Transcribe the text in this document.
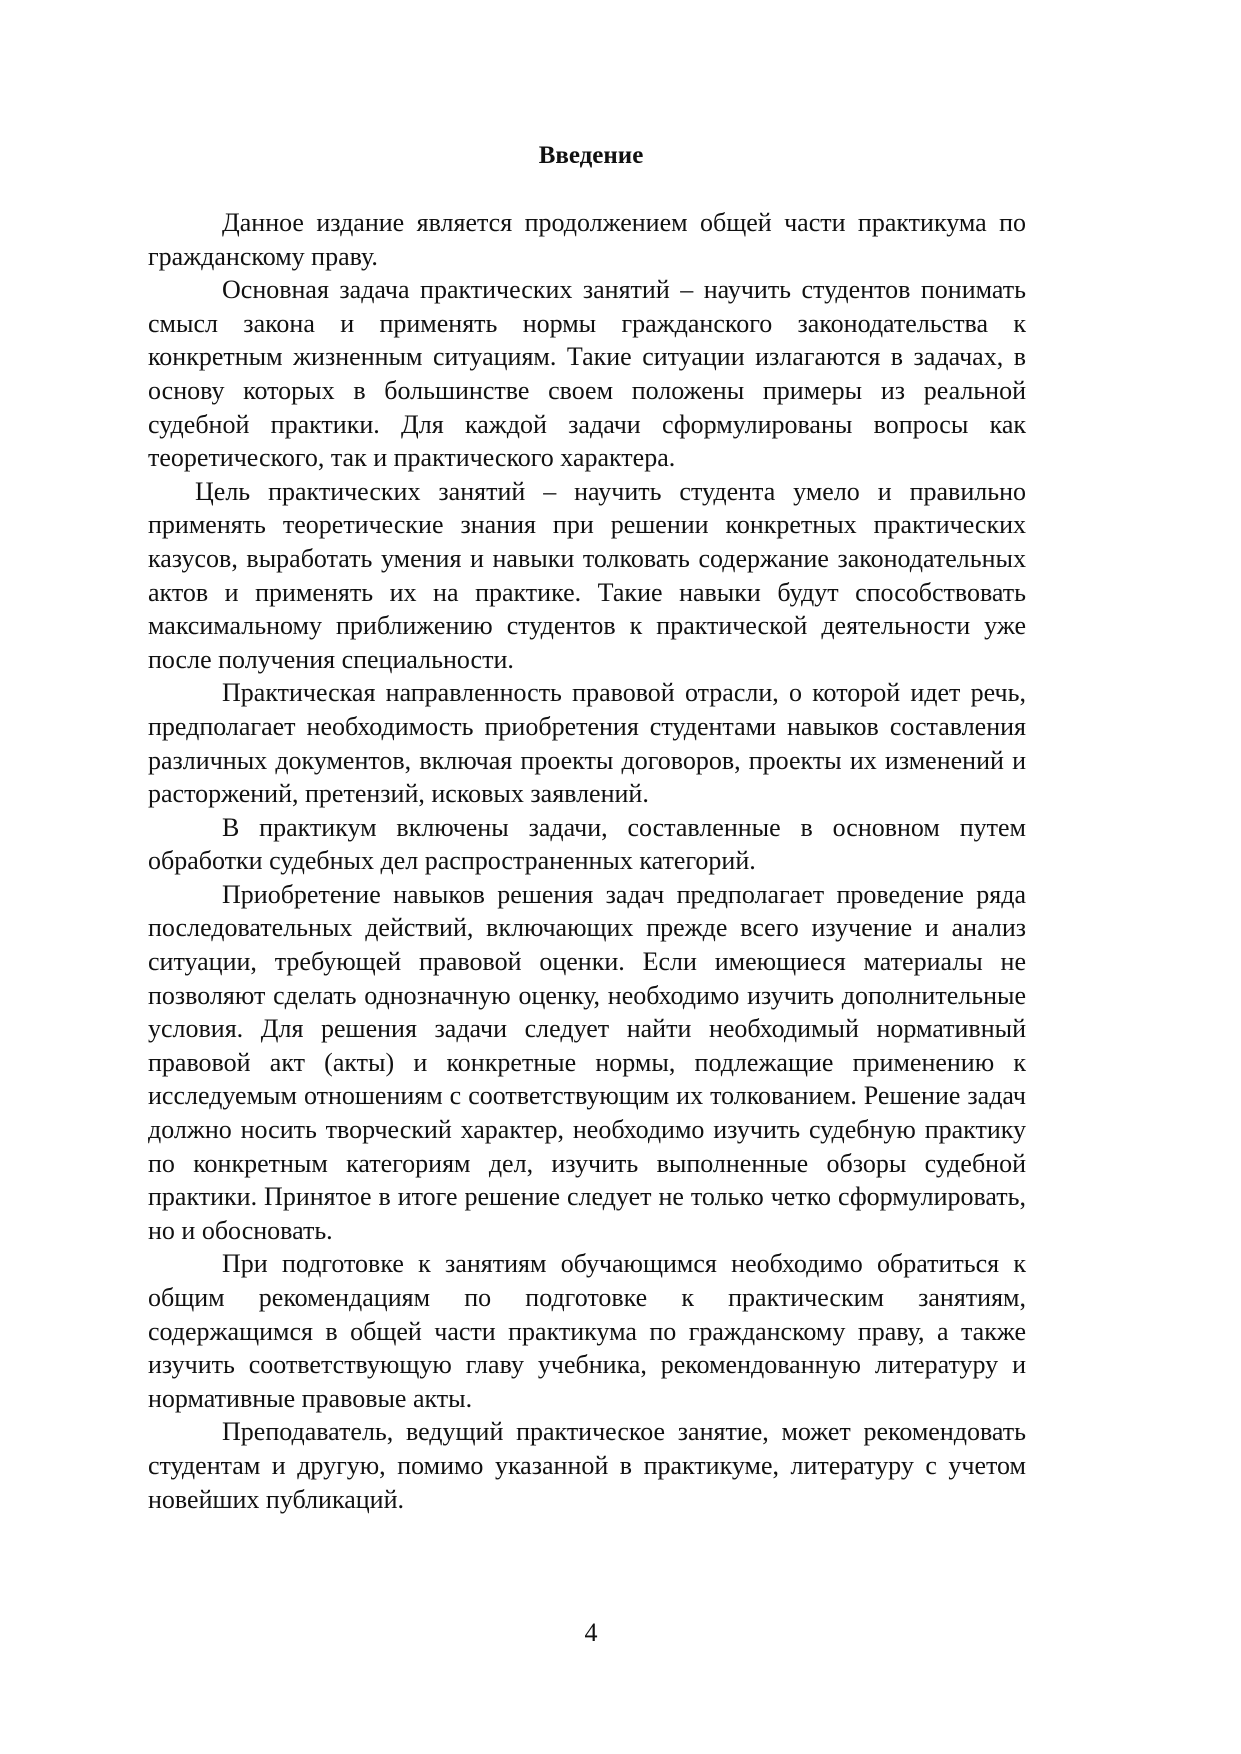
Введение

Данное издание является продолжением общей части практикума по гражданскому праву.

Основная задача практических занятий – научить студентов понимать смысл закона и применять нормы гражданского законодательства к конкретным жизненным ситуациям. Такие ситуации излагаются в задачах, в основу которых в большинстве своем положены примеры из реальной судебной практики. Для каждой задачи сформулированы вопросы как теоретического, так и практического характера.

Цель практических занятий – научить студента умело и правильно применять теоретические знания при решении конкретных практических казусов, выработать умения и навыки толковать содержание законодательных актов и применять их на практике. Такие навыки будут способствовать максимальному приближению студентов к практической деятельности уже после получения специальности.

Практическая направленность правовой отрасли, о которой идет речь, предполагает необходимость приобретения студентами навыков составления различных документов, включая проекты договоров, проекты их изменений и расторжений, претензий, исковых заявлений.

В практикум включены задачи, составленные в основном путем обработки судебных дел распространенных категорий.

Приобретение навыков решения задач предполагает проведение ряда последовательных действий, включающих прежде всего изучение и анализ ситуации, требующей правовой оценки. Если имеющиеся материалы не позволяют сделать однозначную оценку, необходимо изучить дополнительные условия. Для решения задачи следует найти необходимый нормативный правовой акт (акты) и конкретные нормы, подлежащие применению к исследуемым отношениям с соответствующим их толкованием. Решение задач должно носить творческий характер, необходимо изучить судебную практику по конкретным категориям дел, изучить выполненные обзоры судебной практики. Принятое в итоге решение следует не только четко сформулировать, но и обосновать.

При подготовке к занятиям обучающимся необходимо обратиться к общим рекомендациям по подготовке к практическим занятиям, содержащимся в общей части практикума по гражданскому праву, а также изучить соответствующую главу учебника, рекомендованную литературу и нормативные правовые акты.

Преподаватель, ведущий практическое занятие, может рекомендовать студентам и другую, помимо указанной в практикуме, литературу с учетом новейших публикаций.

4
